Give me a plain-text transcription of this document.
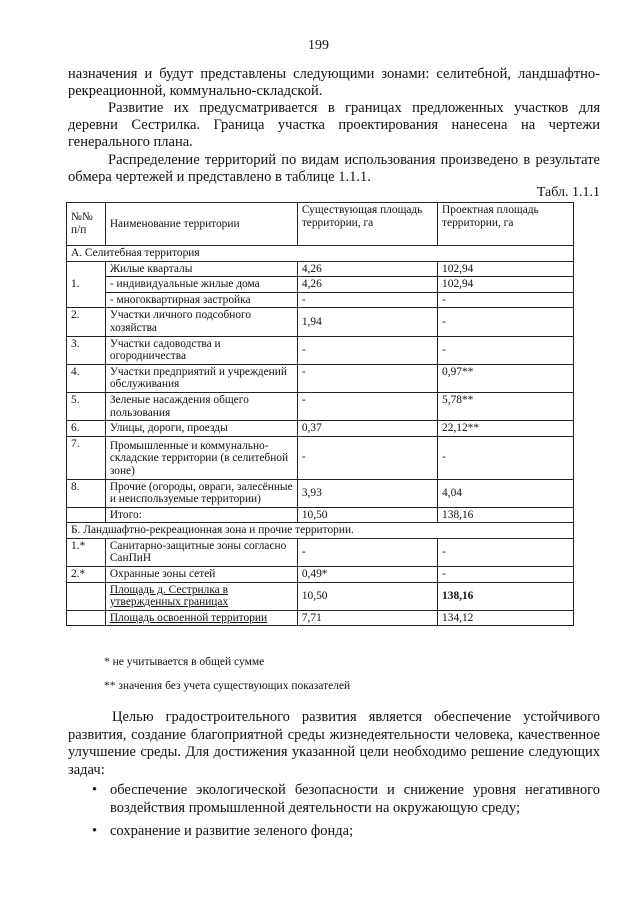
199
назначения и будут представлены следующими зонами: селитебной, ландшафтно-рекреационной, коммунально-складской.
Развитие их предусматривается в границах предложенных участков для деревни Сестрилка. Граница участка проектирования нанесена на чертежи генерального плана.
Распределение территорий по видам использования произведено в результате обмера чертежей и представлено в таблице 1.1.1.
Табл. 1.1.1
№№ п/п	Наименование территории	Существующая площадь территории, га	Проектная площадь территории, га
А. Селитебная территория			
1.	Жилые кварталы	4,26	102,94
	- индивидуальные жилые дома	4,26	102,94
	- многоквартирная застройка	-	-
2.	Участки личного подсобного хозяйства	1,94	-
3.	Участки садоводства и огородничества	-	-
4.	Участки предприятий и учреждений обслуживания	-	0,97**
5.	Зеленые насаждения общего пользования	-	5,78**
6.	Улицы, дороги, проезды	0,37	22,12**
7.	Промышленные и коммунально-складские территории (в селитебной зоне)	-	-
8.	Прочие (огороды, овраги, залесённые и неиспользуемые территории)	3,93	4,04
	Итого:	10,50	138,16
Б. Ландшафтно-рекреационная зона и прочие территории.			
1.*	Санитарно-защитные зоны согласно СанПиН	-	-
2.*	Охранные зоны сетей	0,49*	-
	Площадь д. Сестрилка в утвержденных границах	10,50	138,16
	Площадь освоенной территории	7,71	134,12
* не учитывается в общей сумме
** значения без учета существующих показателей
Целью градостроительного развития является обеспечение устойчивого развития, создание благоприятной среды жизнедеятельности человека, качественное улучшение среды. Для достижения указанной цели необходимо решение следующих задач:
• обеспечение экологической безопасности и снижение уровня негативного воздействия промышленной деятельности на окружающую среду;
• сохранение и развитие зеленого фонда;
